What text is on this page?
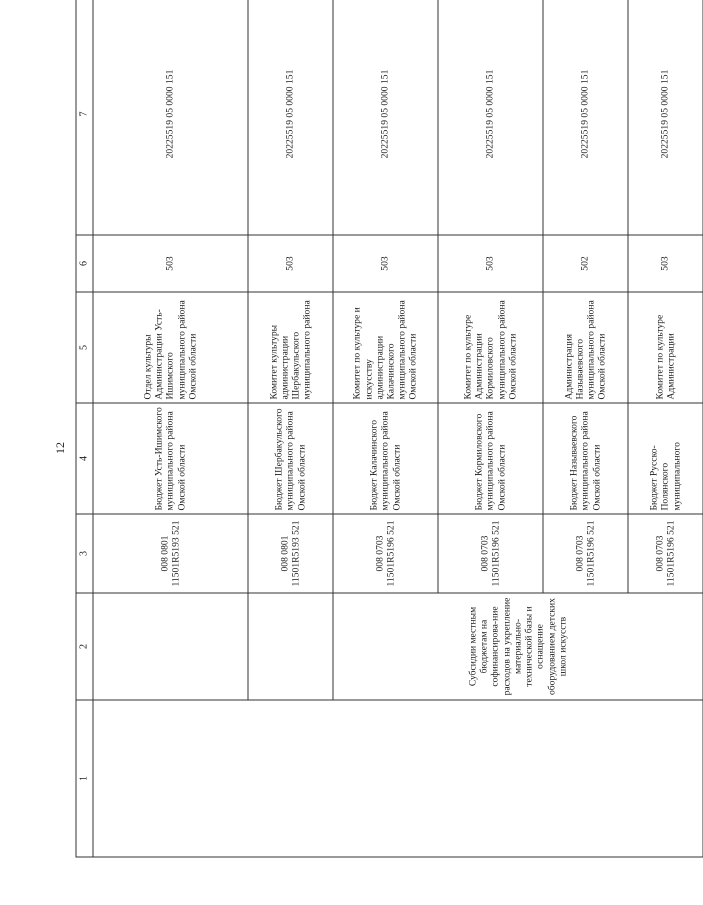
12
1	2	3	4	5	6	7
		008 0801 11501R5193 521	Бюджет Усть-Ишимского муниципального района Омской области	Отдел культуры Администрации Усть-Ишимского муниципального района Омской области	503	20225519 05 0000 151
		008 0801 11501R5193 521	Бюджет Шербакульского муниципального района Омской области	Комитет культуры администрации Шербакульского муниципального района	503	20225519 05 0000 151
	Субсидии местным бюджетам на софинансирова-ние расходов на укрепление материально-технической базы и оснащение оборудованием детских школ искусств	008 0703 11501R5196 521	Бюджет Калачинского муниципального района Омской области	Комитет по культуре и искусству администрации Калачинского муниципального района Омской области	503	20225519 05 0000 151
		008 0703 11501R5196 521	Бюджет Кормиловского муниципального района Омской области	Комитет по культуре Администрации Кормиловского муниципального района Омской области	503	20225519 05 0000 151
		008 0703 11501R5196 521	Бюджет Называевского муниципального района Омской области	Администрация Называевского муниципального района Омской области	502	20225519 05 0000 151
		008 0703 11501R5196 521	Бюджет Русско-Полянского муниципального	Комитет по культуре Администрации	503	20225519 05 0000 151
